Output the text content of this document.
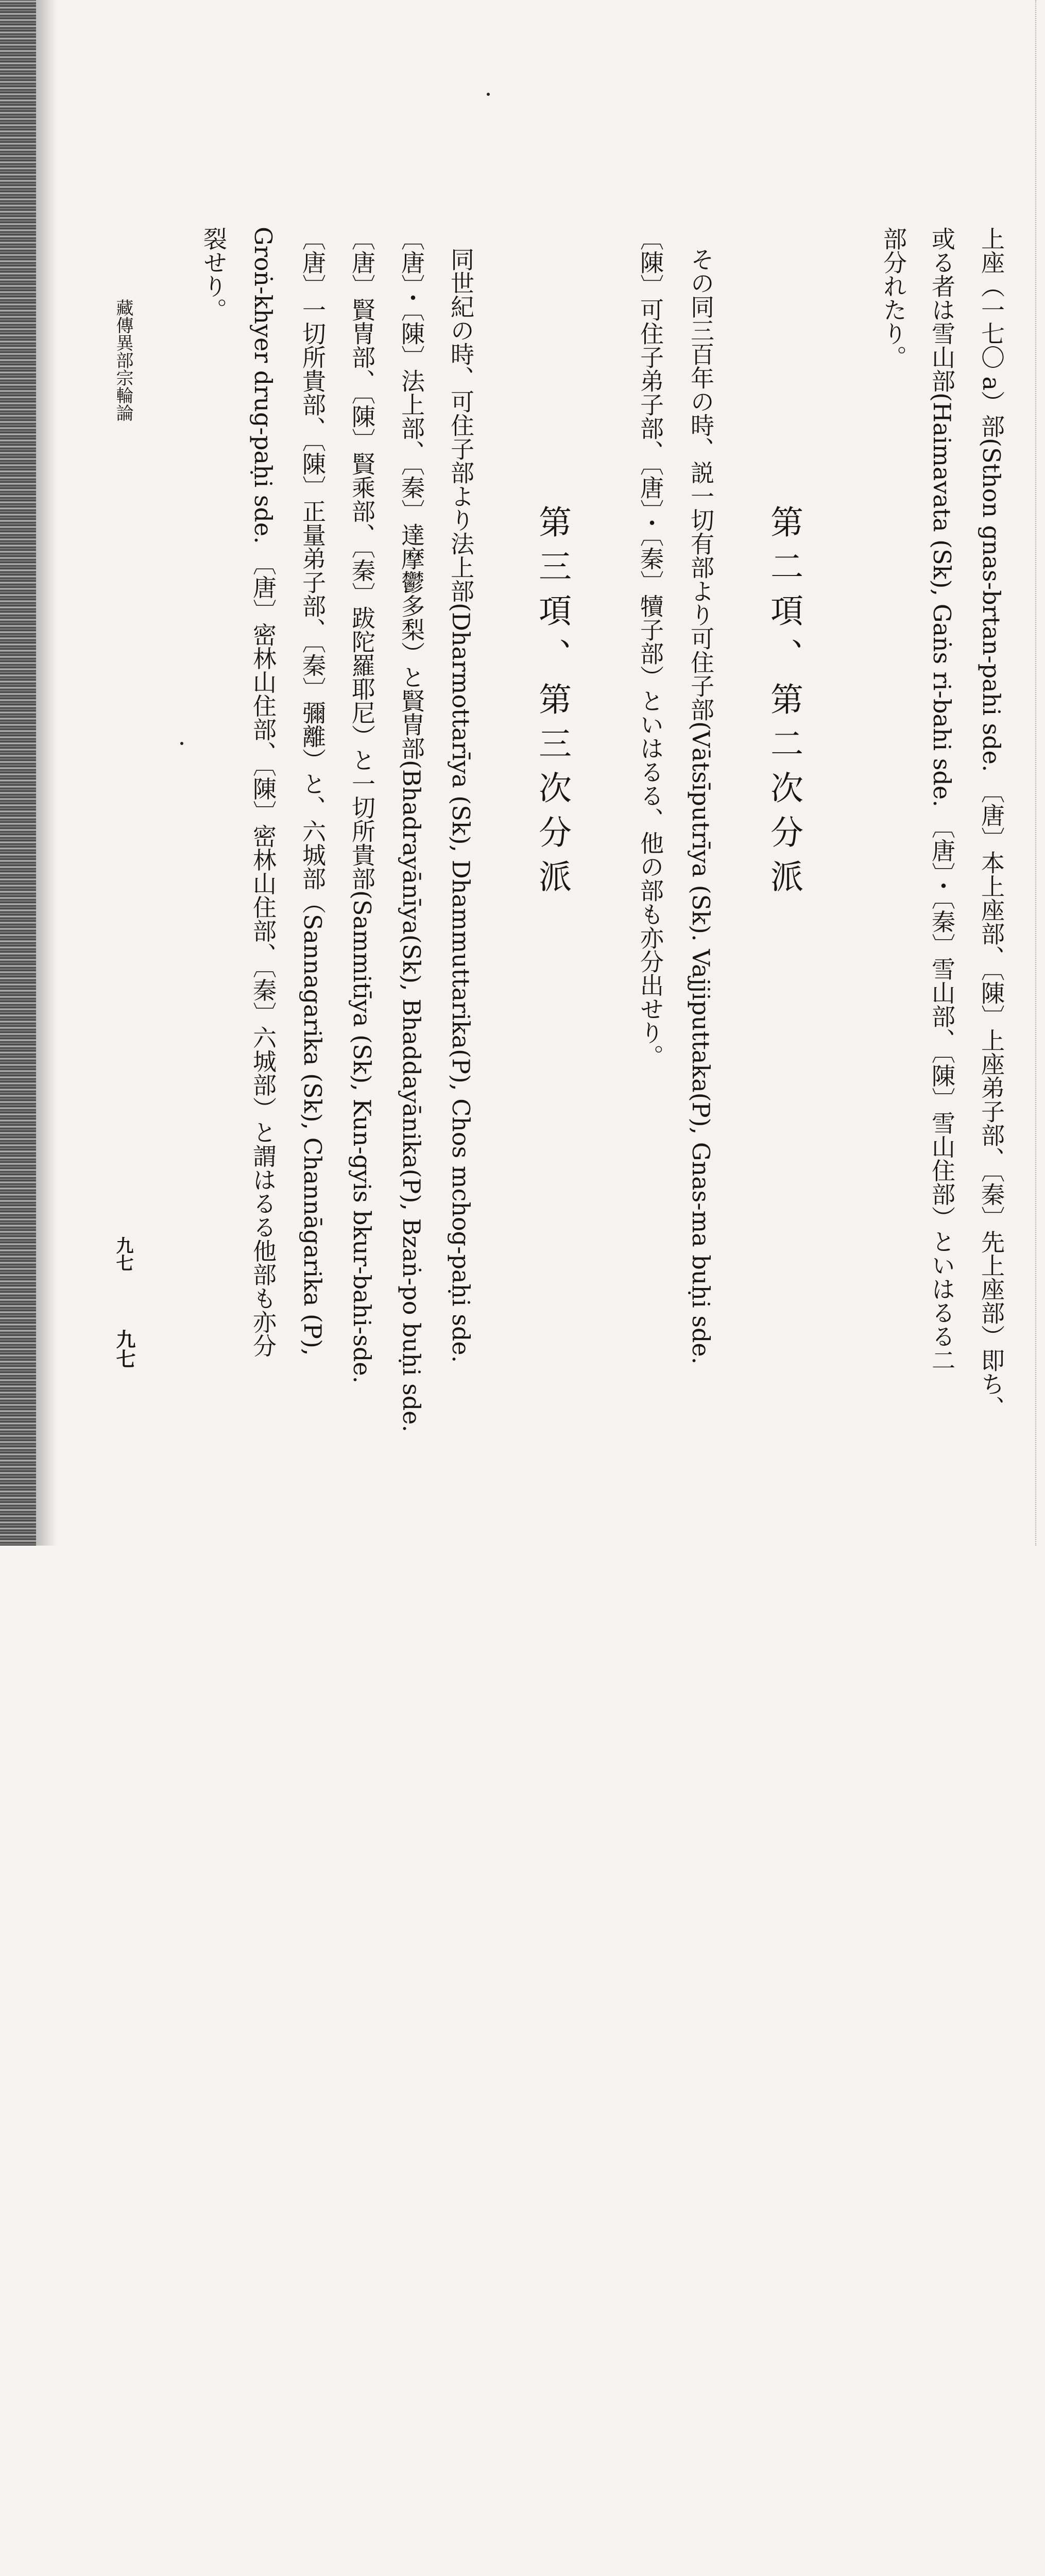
上座（一七〇 a）部(Sthon gnas-brtan-pahi sde. 〔唐〕本上座部、〔陳〕上座弟子部、〔秦〕先上座部）即ち、
或る者は雪山部(Haimavata (Sk), Gaṅs ri-bahi sde. 〔唐〕・〔秦〕雪山部、〔陳〕雪山住部）といはるる二
部分れたり。
第二項、第二次分派
その同三百年の時、説一切有部より可住子部(Vātsīputrīya (Sk). Vajjiputtaka(P), Gnas-ma buḥi sde.
〔陳〕可住子弟子部、〔唐〕・〔秦〕犢子部）といはるる、他の部も亦分出せり。
第三項、第三次分派
同世紀の時、可住子部より法上部(Dharmottarīya (Sk), Dhammuttarika(P), Chos mchog-paḥi sde.
〔唐〕・〔陳〕法上部、〔秦〕達摩鬱多梨）と賢冑部(Bhadrayānīya(Sk), Bhaddayānika(P), Bzaṅ-po buḥi sde.
〔唐〕賢冑部、〔陳〕賢乘部、〔秦〕跋陀羅耶尼）と一切所貴部(Sammitīya (Sk), Kun-gyis bkur-bahi-sde.
〔唐〕一切所貴部、〔陳〕正量弟子部、〔秦〕彌離）と、六城部（Sannagarika (Sk), Channāgarika (P),
Groṅ-khyer drug-paḥi sde. 〔唐〕密林山住部、〔陳〕密林山住部、〔秦〕六城部）と謂はるる他部も亦分
裂せり。
藏傳異部宗輪論
九七
九七
